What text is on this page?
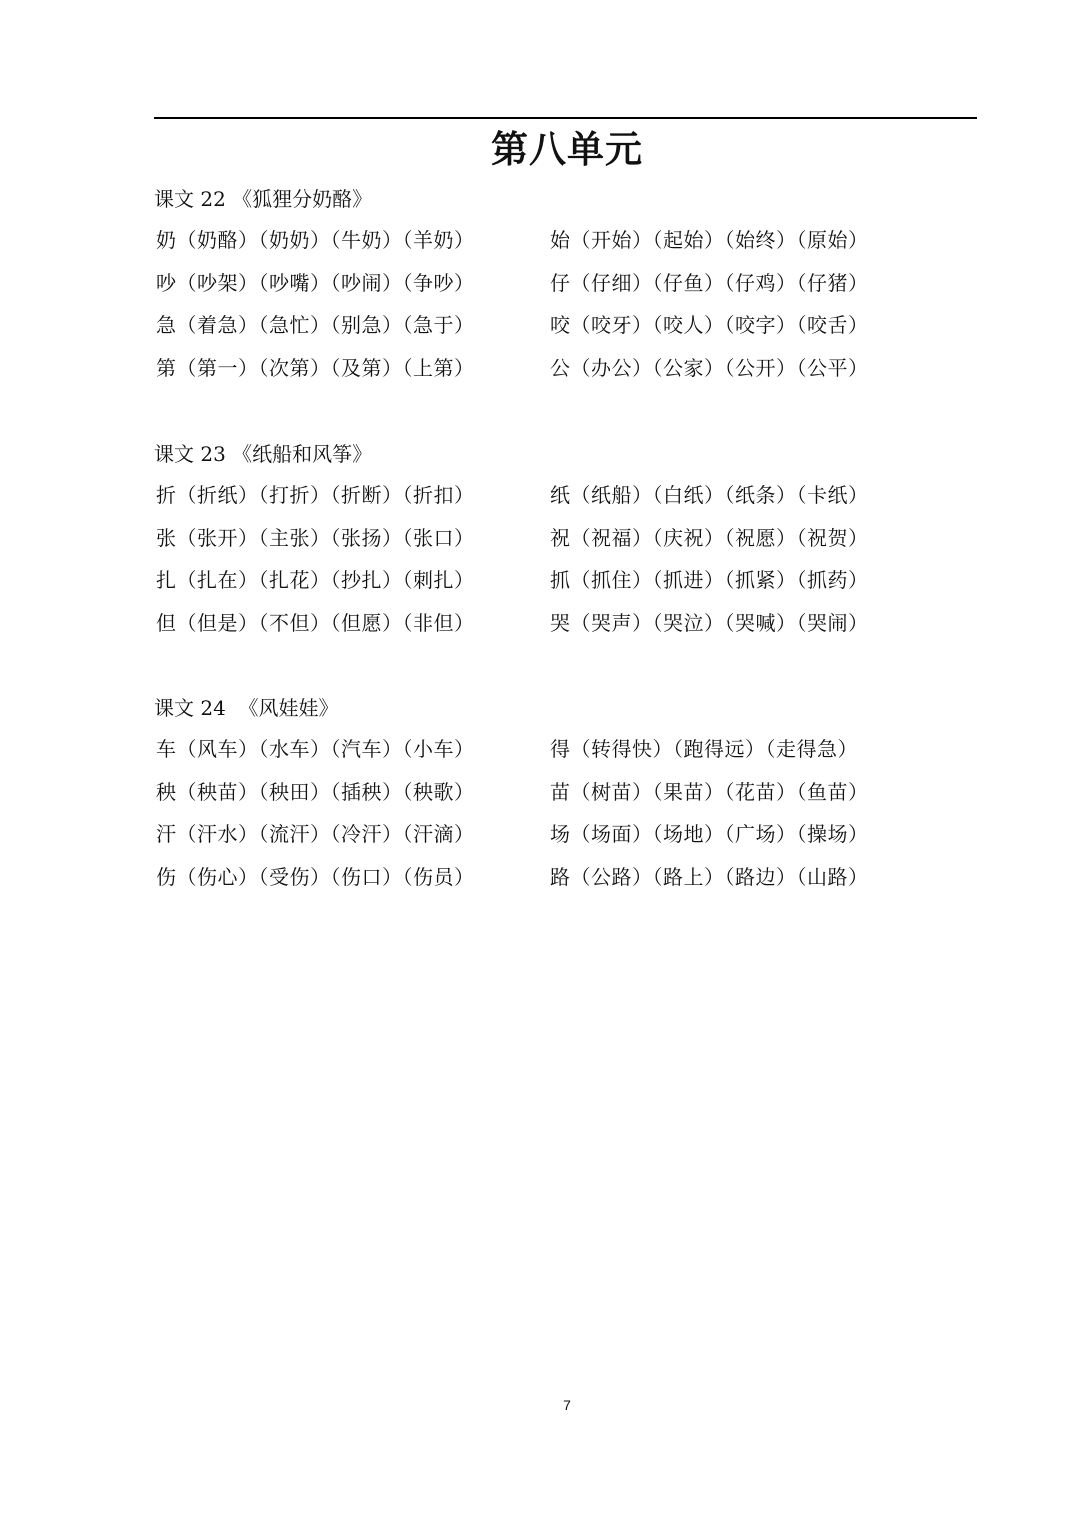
第八单元
课文 22 《狐狸分奶酪》
奶（奶酪）（奶奶）（牛奶）（羊奶）	始（开始）（起始）（始终）（原始）
吵（吵架）（吵嘴）（吵闹）（争吵）	仔（仔细）（仔鱼）（仔鸡）（仔猪）
急（着急）（急忙）（别急）（急于）	咬（咬牙）（咬人）（咬字）（咬舌）
第（第一）（次第）（及第）（上第）	公（办公）（公家）（公开）（公平）
课文 23 《纸船和风筝》
折（折纸）（打折）（折断）（折扣）	纸（纸船）（白纸）（纸条）（卡纸）
张（张开）（主张）（张扬）（张口）	祝（祝福）（庆祝）（祝愿）（祝贺）
扎（扎在）（扎花）（抄扎）（刺扎）	抓（抓住）（抓进）（抓紧）（抓药）
但（但是）（不但）（但愿）（非但）	哭（哭声）（哭泣）（哭喊）（哭闹）
课文 24  《风娃娃》
车（风车）（水车）（汽车）（小车）	得（转得快）（跑得远）（走得急）
秧（秧苗）（秧田）（插秧）（秧歌）	苗（树苗）（果苗）（花苗）（鱼苗）
汗（汗水）（流汗）（冷汗）（汗滴）	场（场面）（场地）（广场）（操场）
伤（伤心）（受伤）（伤口）（伤员）	路（公路）（路上）（路边）（山路）
7
